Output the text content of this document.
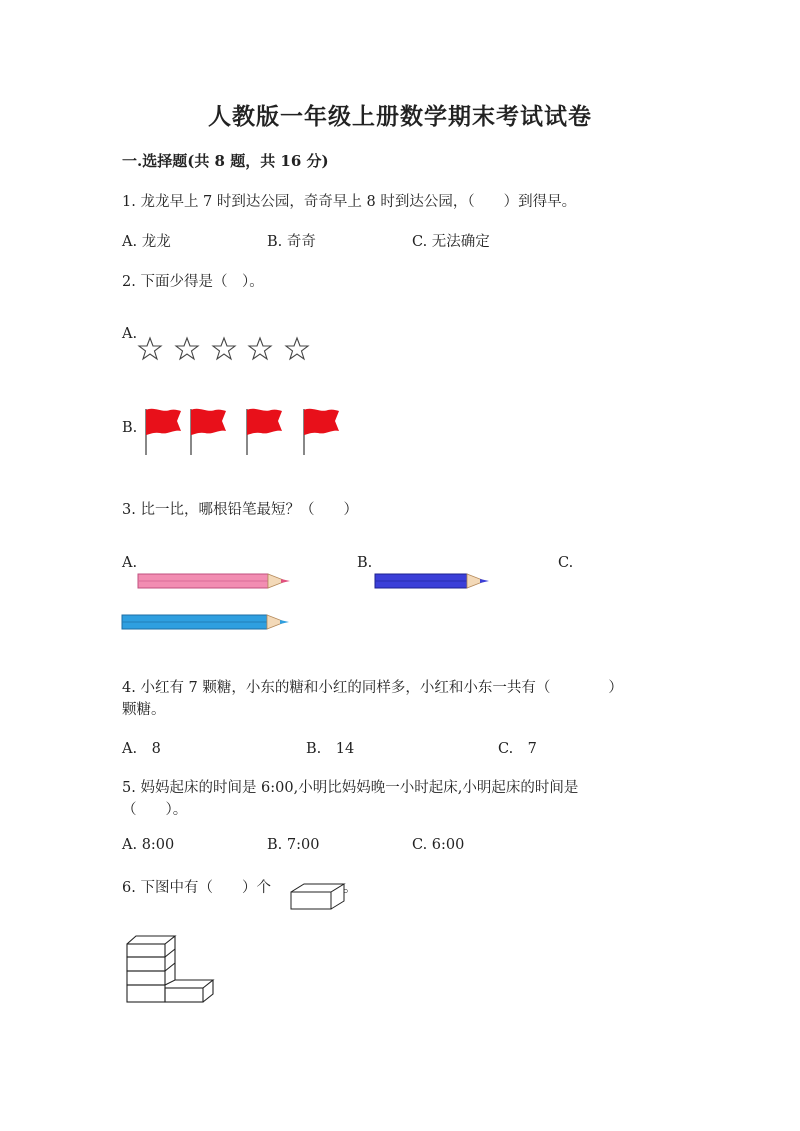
人教版一年级上册数学期末考试试卷
一.选择题(共 8 题，共 16 分)
1. 龙龙早上 7 时到达公园，奇奇早上 8 时到达公园，（　　）到得早。
A. 龙龙	B. 奇奇	C. 无法确定
2. 下面少得是（　）。
A.
B.
3. 比一比，哪根铅笔最短？（　　）
A.	B.	C.
4. 小红有 7 颗糖，小东的糖和小红的同样多，小红和小东一共有（　　　　）
颗糖。
A.　8	B.　14	C.　7
5. 妈妈起床的时间是 6:00,小明比妈妈晚一小时起床,小明起床的时间是
（　　）。
A. 8:00	B. 7:00	C. 6:00
6. 下图中有（　　）个	。
